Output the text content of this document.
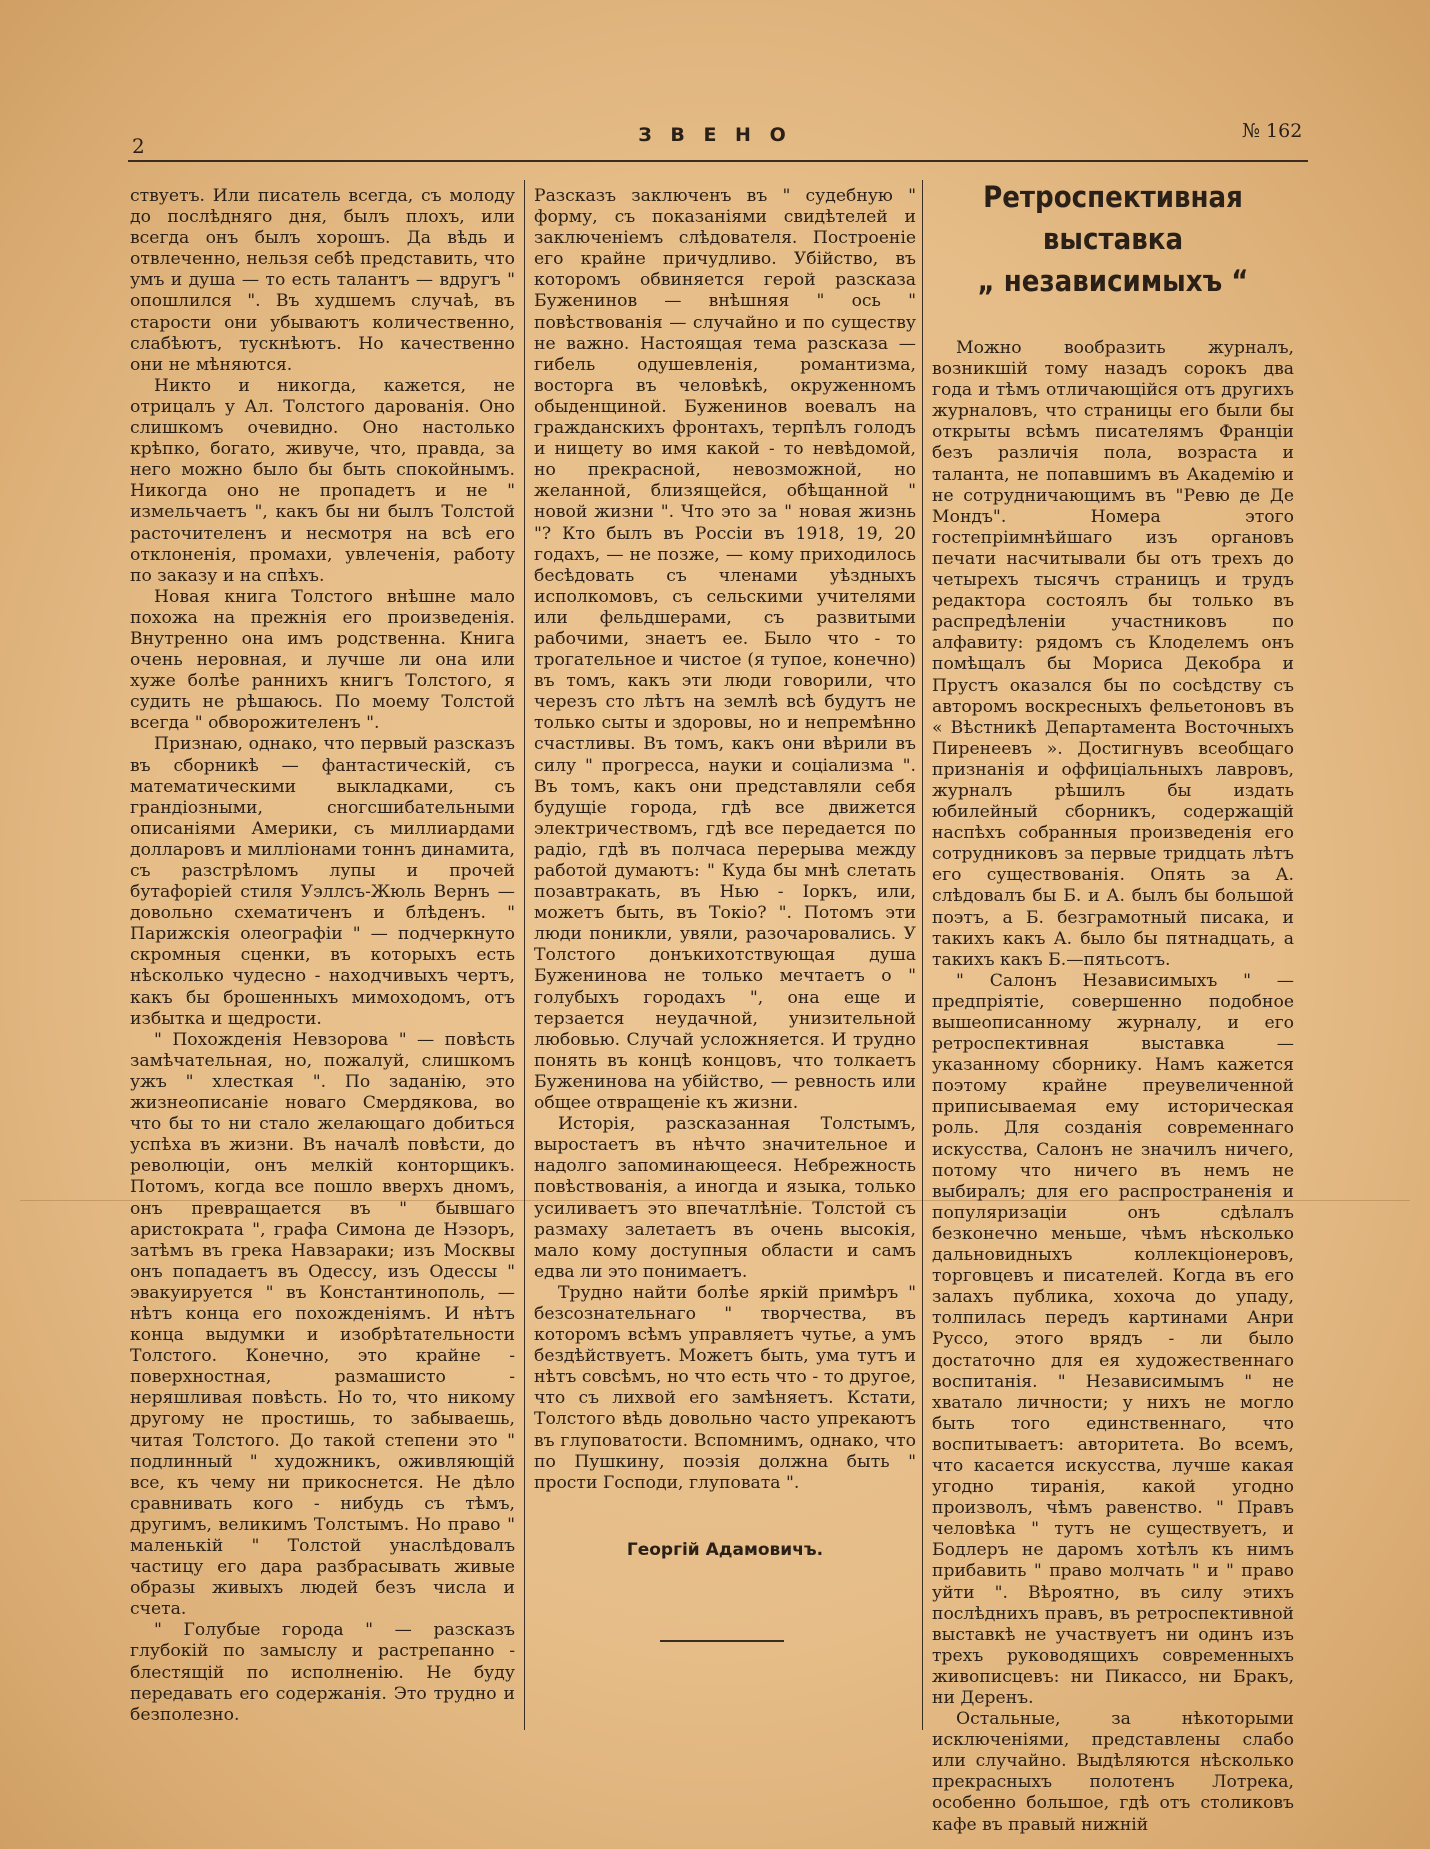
2	З В Е Н О	№ 162

ствуетъ. Или писатель всегда, съ молоду до послѣдняго дня, былъ плохъ, или всегда онъ былъ хорошъ. Да вѣдь и отвлеченно, нельзя себѣ представить, что умъ и душа — то есть талантъ — вдругъ " опошлился ". Въ худшемъ случаѣ, въ старости они убываютъ количественно, слабѣютъ, тускнѣютъ. Но качественно они не мѣняются.

Никто и никогда, кажется, не отрицалъ у Ал. Толстого дарованія. Оно слишкомъ очевидно. Оно настолько крѣпко, богато, живуче, что, правда, за него можно было бы быть спокойнымъ. Никогда оно не пропадетъ и не " измельчаетъ ", какъ бы ни былъ Толстой расточителенъ и несмотря на всѣ его отклоненія, промахи, увлеченія, работу по заказу и на спѣхъ.

Новая книга Толстого внѣшне мало похожа на прежнія его произведенія. Внутренно она имъ родственна. Книга очень неровная, и лучше ли она или хуже болѣе раннихъ книгъ Толстого, я судить не рѣшаюсь. По моему Толстой всегда " обворожителенъ ".

Признаю, однако, что первый разсказъ въ сборникѣ — фантастическій, съ математическими выкладками, съ грандіозными, сногсшибательными описаніями Америки, съ миллиардами долларовъ и милліонами тоннъ динамита, съ разстрѣломъ лупы и прочей бутафоріей стиля Уэллсъ-Жюль Вернъ — довольно схематиченъ и блѣденъ. " Парижскія олеографіи " — подчеркнуто скромныя сценки, въ которыхъ есть нѣсколько чудесно - находчивыхъ чертъ, какъ бы брошенныхъ мимоходомъ, отъ избытка и щедрости.

" Похожденія Невзорова " — повѣсть замѣчательная, но, пожалуй, слишкомъ ужъ " хлесткая ". По заданію, это жизнеописаніе новаго Смердякова, во что бы то ни стало желающаго добиться успѣха въ жизни. Въ началѣ повѣсти, до революціи, онъ мелкій конторщикъ. Потомъ, когда все пошло вверхъ дномъ, онъ превращается въ " бывшаго аристократа ", графа Симона де Нэзоръ, затѣмъ въ грека Навзараки; изъ Москвы онъ попадаетъ въ Одессу, изъ Одессы " эвакуируется " въ Константинополь, — нѣтъ конца его похожденіямъ. И нѣтъ конца выдумки и изобрѣтательности Толстого. Конечно, это крайне - поверхностная, размашисто - неряшливая повѣсть. Но то, что никому другому не простишь, то забываешь, читая Толстого. До такой степени это " подлинный " художникъ, оживляющій все, къ чему ни прикоснется. Не дѣло сравнивать кого - нибудь съ тѣмъ, другимъ, великимъ Толстымъ. Но право " маленькій " Толстой унаслѣдовалъ частицу его дара разбрасывать живые образы живыхъ людей безъ числа и счета.

" Голубые города " — разсказъ глубокій по замыслу и растрепанно - блестящій по исполненію. Не буду передавать его содержанія. Это трудно и безполезно.

Разсказъ заключенъ въ " судебную " форму, съ показаніями свидѣтелей и заключеніемъ слѣдователя. Построеніе его крайне причудливо. Убійство, въ которомъ обвиняется герой разсказа Буженинов — внѣшняя " ось " повѣствованія — случайно и по существу не важно. Настоящая тема разсказа — гибель одушевленія, романтизма, восторга въ человѣкѣ, окруженномъ обыденщиной. Буженинов воевалъ на гражданскихъ фронтахъ, терпѣлъ голодъ и нищету во имя какой - то невѣдомой, но прекрасной, невозможной, но желанной, близящейся, обѣщанной " новой жизни ". Что это за " новая жизнь "? Кто былъ въ Россіи въ 1918, 19, 20 годахъ, — не позже, — кому приходилось бесѣдовать съ членами уѣздныхъ исполкомовъ, съ сельскими учителями или фельдшерами, съ развитыми рабочими, знаетъ ее. Было что - то трогательное и чистое (я тупое, конечно) въ томъ, какъ эти люди говорили, что черезъ сто лѣтъ на землѣ всѣ будутъ не только сыты и здоровы, но и непремѣнно счастливы. Въ томъ, какъ они вѣрили въ силу " прогресса, науки и соціализма ". Въ томъ, какъ они представляли себя будущіе города, гдѣ все движется электричествомъ, гдѣ все передается по радіо, гдѣ въ полчаса перерыва между работой думаютъ: " Куда бы мнѣ слетать позавтракать, въ Нью - Іоркъ, или, можетъ быть, въ Токіо? ". Потомъ эти люди поникли, увяли, разочаровались. У Толстого донъкихотствующая душа Буженинова не только мечтаетъ о " голубыхъ городахъ ", она еще и терзается неудачной, унизительной любовью. Случай усложняется. И трудно понять въ концѣ концовъ, что толкаетъ Буженинова на убійство, — ревность или общее отвращеніе къ жизни.

Исторія, разсказанная Толстымъ, выростаетъ въ нѣчто значительное и надолго запоминающееся. Небрежность повѣствованія, а иногда и языка, только усиливаетъ это впечатлѣніе. Толстой съ размаху залетаетъ въ очень высокія, мало кому доступныя области и самъ едва ли это понимаетъ.

Трудно найти болѣе яркій примѣръ " безсознательнаго " творчества, въ которомъ всѣмъ управляетъ чутье, а умъ бездѣйствуетъ. Можетъ быть, ума тутъ и нѣтъ совсѣмъ, но что есть что - то другое, что съ лихвой его замѣняетъ. Кстати, Толстого вѣдь довольно часто упрекаютъ въ глуповатости. Вспомнимъ, однако, что по Пушкину, поэзія должна быть " прости Господи, глуповата ".

Георгій Адамовичъ.
Ретроспективная выставка
„ независимыхъ “

Можно вообразить журналъ, возникшій тому назадъ сорокъ два года и тѣмъ отличающійся отъ другихъ журналовъ, что страницы его были бы открыты всѣмъ писателямъ Франціи безъ различія пола, возраста и таланта, не попавшимъ въ Академію и не сотрудничающимъ въ "Ревю де Де Мондъ". Номера этого гостепріимнѣйшаго изъ органовъ печати насчитывали бы отъ трехъ до четырехъ тысячъ страницъ и трудъ редактора состоялъ бы только въ распредѣленіи участниковъ по алфавиту: рядомъ съ Клоделемъ онъ помѣщалъ бы Мориса Декобра и Прустъ оказался бы по сосѣдству съ авторомъ воскресныхъ фельетоновъ въ « Вѣстникѣ Департамента Восточныхъ Пиренеевъ ». Достигнувъ всеобщаго признанія и оффиціальныхъ лавровъ, журналъ рѣшилъ бы издать юбилейный сборникъ, содержащій наспѣхъ собранныя произведенія его сотрудниковъ за первые тридцать лѣтъ его существованія. Опять за А. слѣдовалъ бы Б. и А. былъ бы большой поэтъ, а Б. безграмотный писака, и такихъ какъ А. было бы пятнадцать, а такихъ какъ Б.—пятьсотъ.

" Салонъ Независимыхъ " — предпріятіе, совершенно подобное вышеописанному журналу, и его ретроспективная выставка — указанному сборнику. Намъ кажется поэтому крайне преувеличенной приписываемая ему историческая роль. Для созданія современнаго искусства, Салонъ не значилъ ничего, потому что ничего въ немъ не выбиралъ; для его распространенія и популяризаціи онъ сдѣлалъ безконечно меньше, чѣмъ нѣсколько дальновидныхъ коллекціонеровъ, торговцевъ и писателей. Когда въ его залахъ публика, хохоча до упаду, толпилась передъ картинами Анри Руссо, этого врядъ - ли было достаточно для ея художественнаго воспитанія. " Независимымъ " не хватало личности; у нихъ не могло быть того единственнаго, что воспитываетъ: авторитета. Во всемъ, что касается искусства, лучше какая угодно тиранія, какой угодно произволъ, чѣмъ равенство. " Правъ человѣка " тутъ не существуетъ, и Бодлеръ не даромъ хотѣлъ къ нимъ прибавить " право молчать " и " право уйти ". Вѣроятно, въ силу этихъ послѣднихъ правъ, въ ретроспективной выставкѣ не участвуетъ ни одинъ изъ трехъ руководящихъ современныхъ живописцевъ: ни Пикассо, ни Бракъ, ни Деренъ.

Остальные, за нѣкоторыми исключеніями, представлены слабо или случайно. Выдѣляются нѣсколько прекрасныхъ полотенъ Лотрека, особенно большое, гдѣ отъ столиковъ кафе въ правый нижній
